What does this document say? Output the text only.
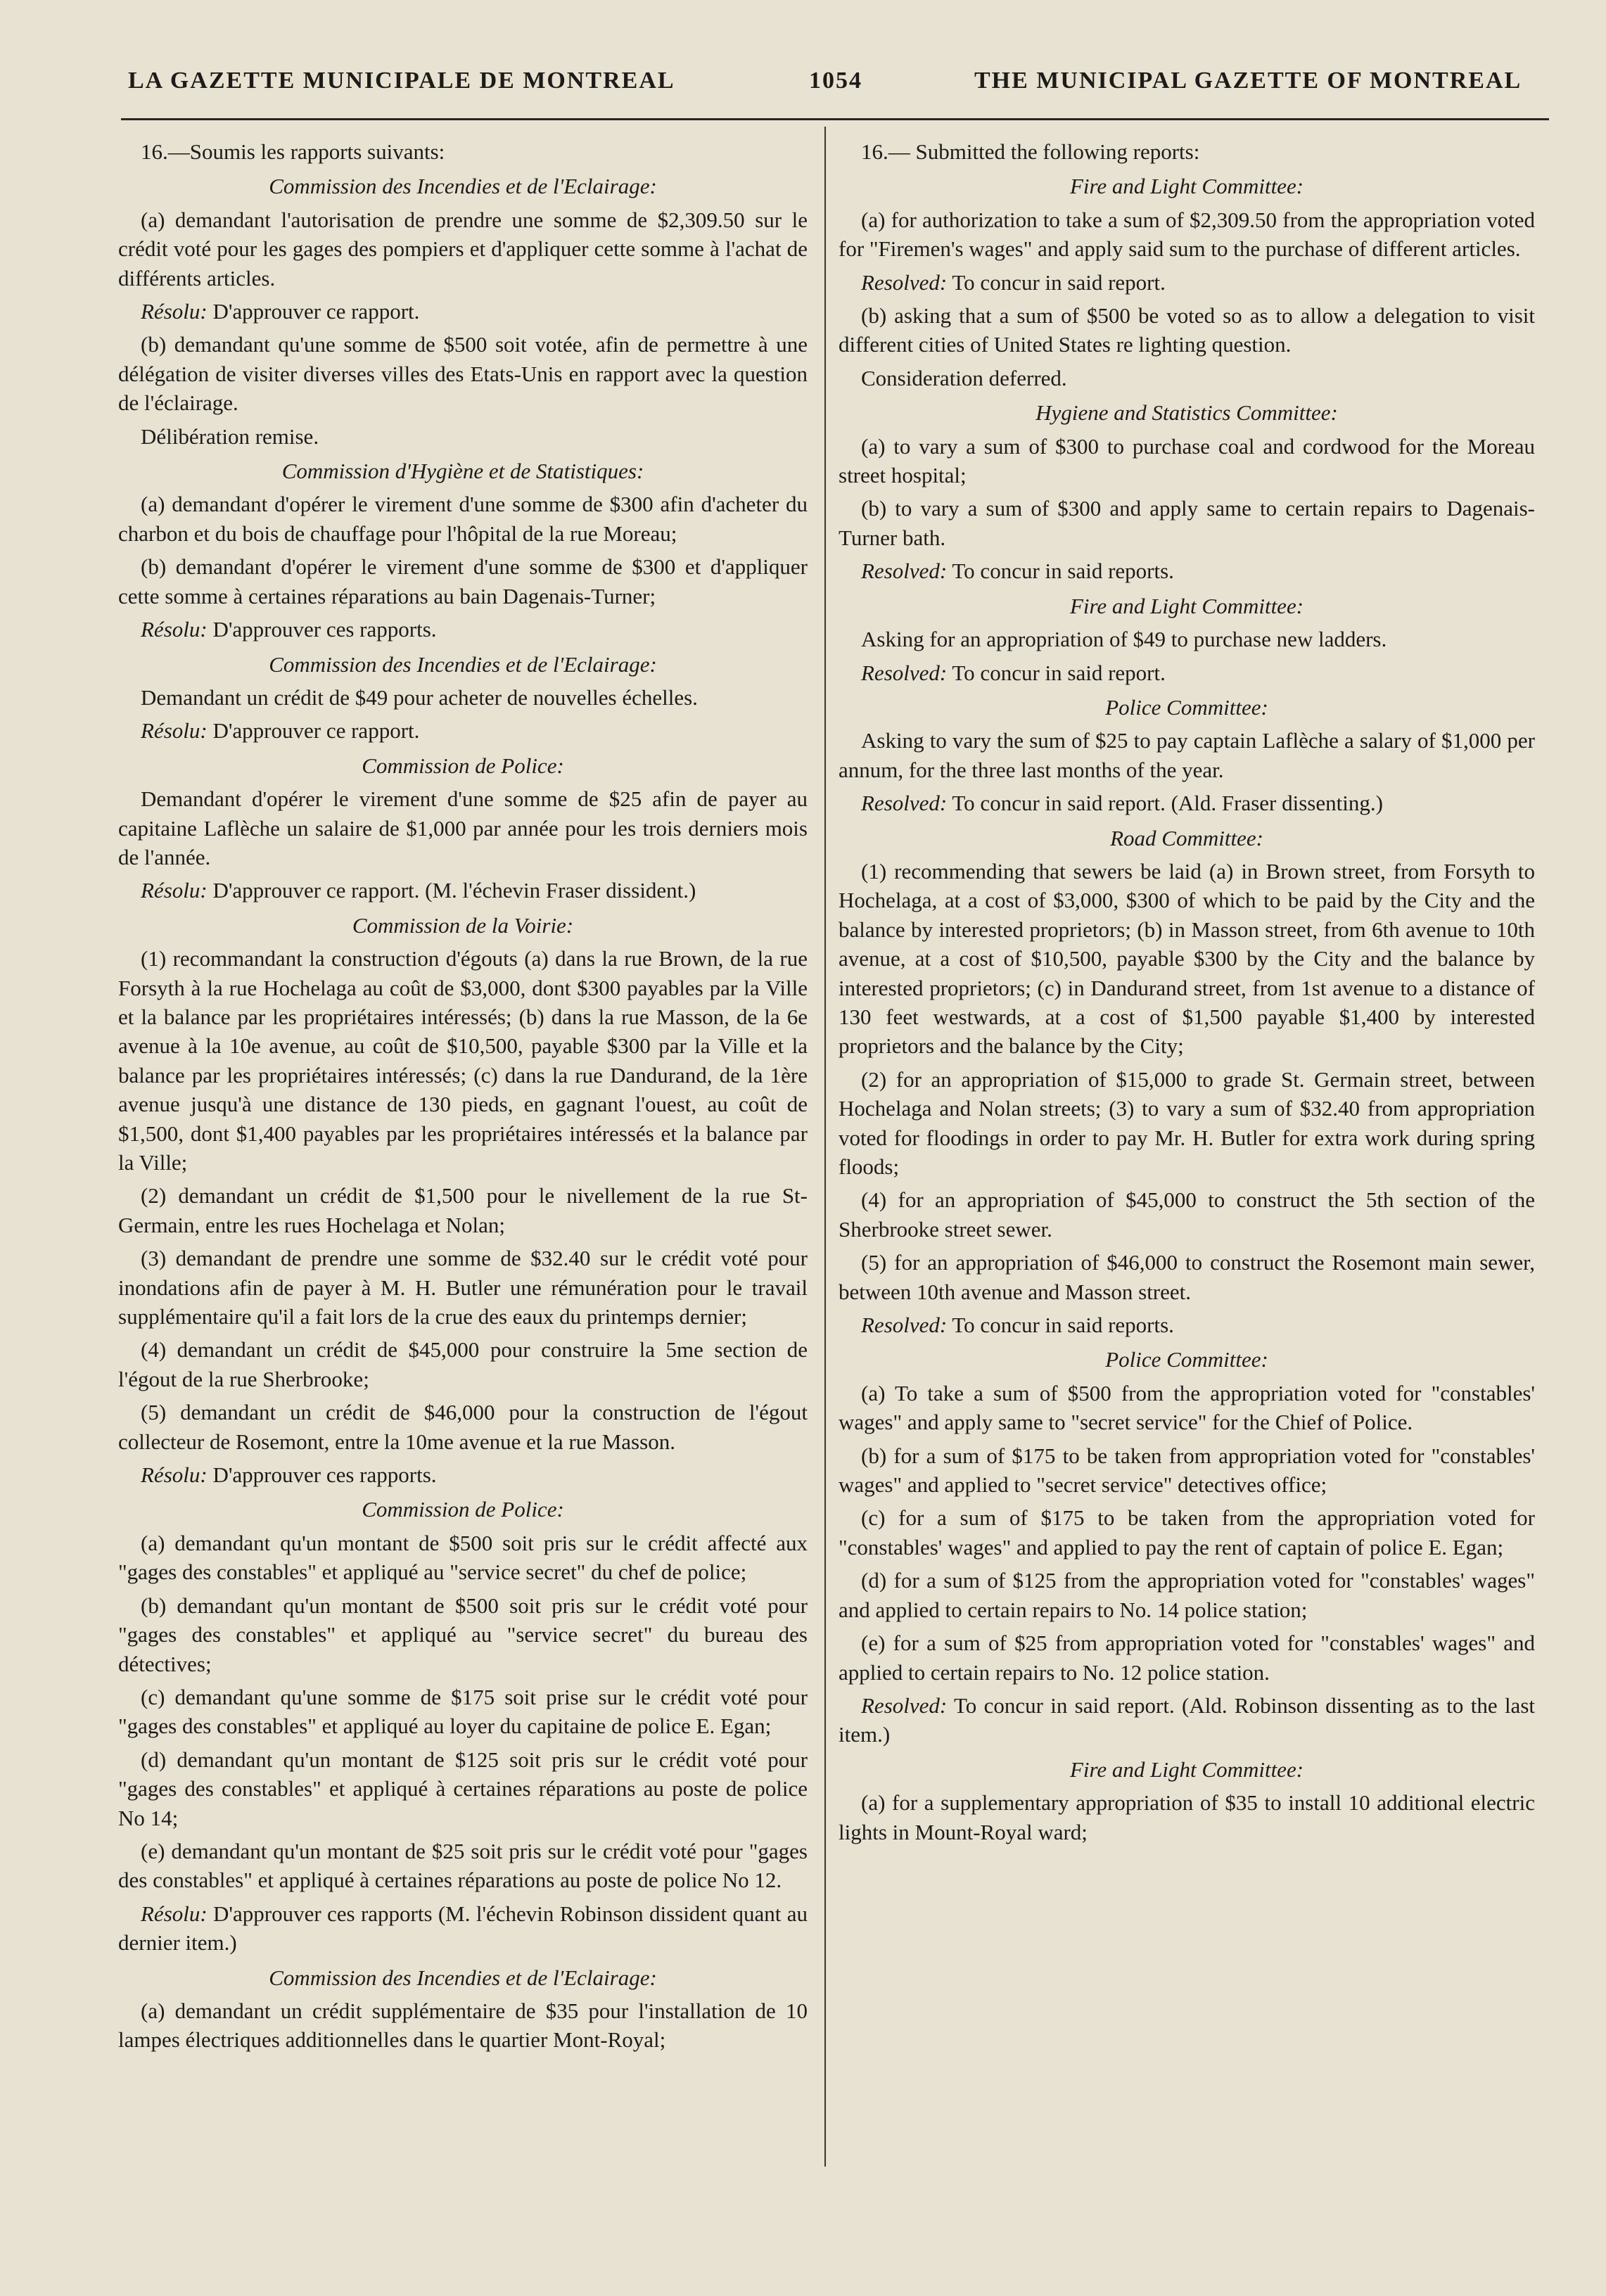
LA GAZETTE MUNICIPALE DE MONTREAL	1054	THE MUNICIPAL GAZETTE OF MONTREAL

16.—Soumis les rapports suivants:

Commission des Incendies et de l'Eclairage:

(a) demandant l'autorisation de prendre une somme de $2,309.50 sur le crédit voté pour les gages des pompiers et d'appliquer cette somme à l'achat de différents articles.

Résolu: D'approuver ce rapport.

(b) demandant qu'une somme de $500 soit votée, afin de permettre à une délégation de visiter diverses villes des Etats-Unis en rapport avec la question de l'éclairage.

Délibération remise.

Commission d'Hygiène et de Statistiques:

(a) demandant d'opérer le virement d'une somme de $300 afin d'acheter du charbon et du bois de chauffage pour l'hôpital de la rue Moreau;

(b) demandant d'opérer le virement d'une somme de $300 et d'appliquer cette somme à certaines réparations au bain Dagenais-Turner;

Résolu: D'approuver ces rapports.

Commission des Incendies et de l'Eclairage:

Demandant un crédit de $49 pour acheter de nouvelles échelles.

Résolu: D'approuver ce rapport.

Commission de Police:

Demandant d'opérer le virement d'une somme de $25 afin de payer au capitaine Laflèche un salaire de $1,000 par année pour les trois derniers mois de l'année.

Résolu: D'approuver ce rapport. (M. l'échevin Fraser dissident.)

Commission de la Voirie:

(1) recommandant la construction d'égouts (a) dans la rue Brown, de la rue Forsyth à la rue Hochelaga au coût de $3,000, dont $300 payables par la Ville et la balance par les propriétaires intéressés; (b) dans la rue Masson, de la 6e avenue à la 10e avenue, au coût de $10,500, payable $300 par la Ville et la balance par les propriétaires intéressés; (c) dans la rue Dandurand, de la 1ère avenue jusqu'à une distance de 130 pieds, en gagnant l'ouest, au coût de $1,500, dont $1,400 payables par les propriétaires intéressés et la balance par la Ville;

(2) demandant un crédit de $1,500 pour le nivellement de la rue St-Germain, entre les rues Hochelaga et Nolan;

(3) demandant de prendre une somme de $32.40 sur le crédit voté pour inondations afin de payer à M. H. Butler une rémunération pour le travail supplémentaire qu'il a fait lors de la crue des eaux du printemps dernier;

(4) demandant un crédit de $45,000 pour construire la 5me section de l'égout de la rue Sherbrooke;

(5) demandant un crédit de $46,000 pour la construction de l'égout collecteur de Rosemont, entre la 10me avenue et la rue Masson.

Résolu: D'approuver ces rapports.

Commission de Police:

(a) demandant qu'un montant de $500 soit pris sur le crédit affecté aux "gages des constables" et appliqué au "service secret" du chef de police;

(b) demandant qu'un montant de $500 soit pris sur le crédit voté pour "gages des constables" et appliqué au "service secret" du bureau des détectives;

(c) demandant qu'une somme de $175 soit prise sur le crédit voté pour "gages des constables" et appliqué au loyer du capitaine de police E. Egan;

(d) demandant qu'un montant de $125 soit pris sur le crédit voté pour "gages des constables" et appliqué à certaines réparations au poste de police No 14;

(e) demandant qu'un montant de $25 soit pris sur le crédit voté pour "gages des constables" et appliqué à certaines réparations au poste de police No 12.

Résolu: D'approuver ces rapports (M. l'échevin Robinson dissident quant au dernier item.)

Commission des Incendies et de l'Eclairage:

(a) demandant un crédit supplémentaire de $35 pour l'installation de 10 lampes électriques additionnelles dans le quartier Mont-Royal;

16.— Submitted the following reports:

Fire and Light Committee:

(a) for authorization to take a sum of $2,309.50 from the appropriation voted for "Firemen's wages" and apply said sum to the purchase of different articles.

Resolved: To concur in said report.

(b) asking that a sum of $500 be voted so as to allow a delegation to visit different cities of United States re lighting question.

Consideration deferred.

Hygiene and Statistics Committee:

(a) to vary a sum of $300 to purchase coal and cordwood for the Moreau street hospital;

(b) to vary a sum of $300 and apply same to certain repairs to Dagenais-Turner bath.

Resolved: To concur in said reports.

Fire and Light Committee:

Asking for an appropriation of $49 to purchase new ladders.

Resolved: To concur in said report.

Police Committee:

Asking to vary the sum of $25 to pay captain Laflèche a salary of $1,000 per annum, for the three last months of the year.

Resolved: To concur in said report. (Ald. Fraser dissenting.)

Road Committee:

(1) recommending that sewers be laid (a) in Brown street, from Forsyth to Hochelaga, at a cost of $3,000, $300 of which to be paid by the City and the balance by interested proprietors; (b) in Masson street, from 6th avenue to 10th avenue, at a cost of $10,500, payable $300 by the City and the balance by interested proprietors; (c) in Dandurand street, from 1st avenue to a distance of 130 feet westwards, at a cost of $1,500 payable $1,400 by interested proprietors and the balance by the City;

(2) for an appropriation of $15,000 to grade St. Germain street, between Hochelaga and Nolan streets; (3) to vary a sum of $32.40 from appropriation voted for floodings in order to pay Mr. H. Butler for extra work during spring floods;

(4) for an appropriation of $45,000 to construct the 5th section of the Sherbrooke street sewer.

(5) for an appropriation of $46,000 to construct the Rosemont main sewer, between 10th avenue and Masson street.

Resolved: To concur in said reports.

Police Committee:

(a) To take a sum of $500 from the appropriation voted for "constables' wages" and apply same to "secret service" for the Chief of Police.

(b) for a sum of $175 to be taken from appropriation voted for "constables' wages" and applied to "secret service" detectives office;

(c) for a sum of $175 to be taken from the appropriation voted for "constables' wages" and applied to pay the rent of captain of police E. Egan;

(d) for a sum of $125 from the appropriation voted for "constables' wages" and applied to certain repairs to No. 14 police station;

(e) for a sum of $25 from appropriation voted for "constables' wages" and applied to certain repairs to No. 12 police station.

Resolved: To concur in said report. (Ald. Robinson dissenting as to the last item.)

Fire and Light Committee:

(a) for a supplementary appropriation of $35 to install 10 additional electric lights in Mount-Royal ward;
